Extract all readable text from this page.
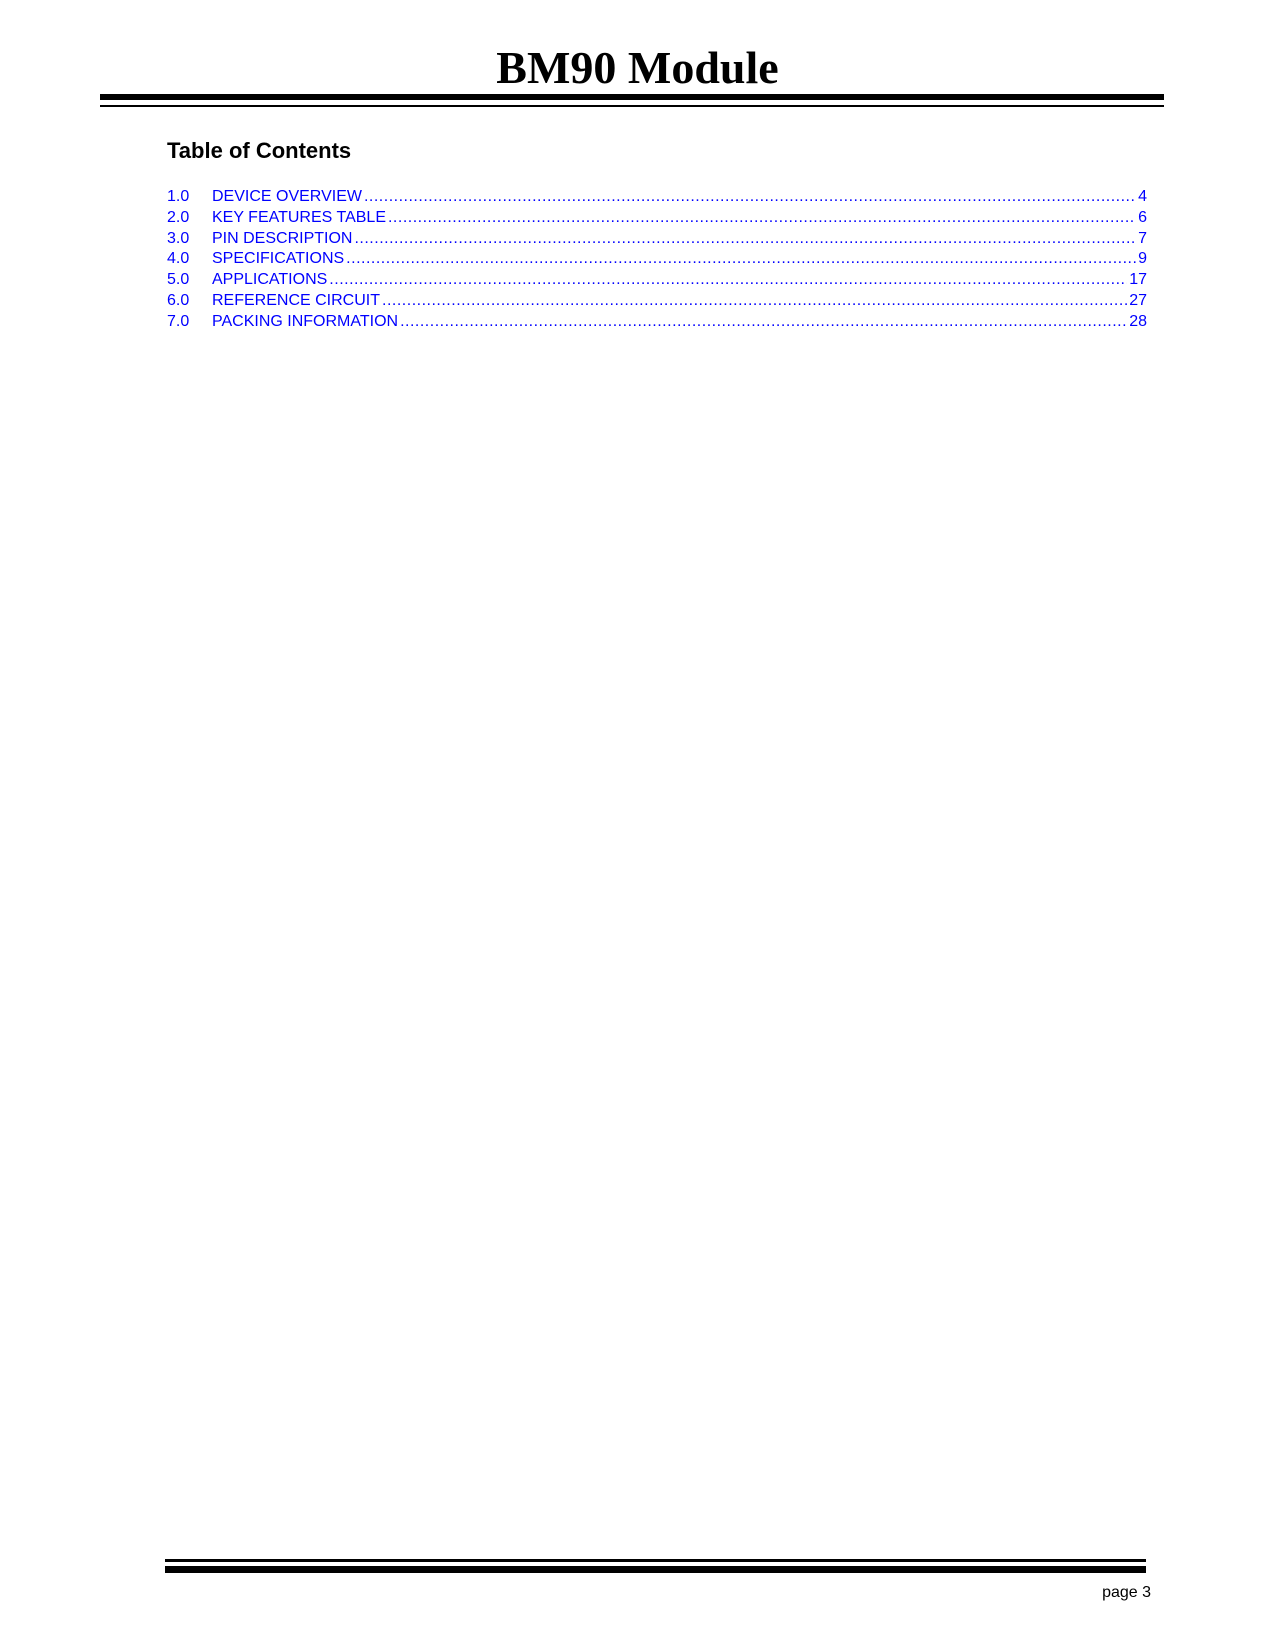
BM90 Module
Table of Contents
1.0	DEVICE OVERVIEW .....	4
2.0	KEY FEATURES TABLE .....	6
3.0	PIN DESCRIPTION .....	7
4.0	SPECIFICATIONS .....	9
5.0	APPLICATIONS .....	17
6.0	REFERENCE CIRCUIT .....	27
7.0	PACKING INFORMATION .....	28
page 3
